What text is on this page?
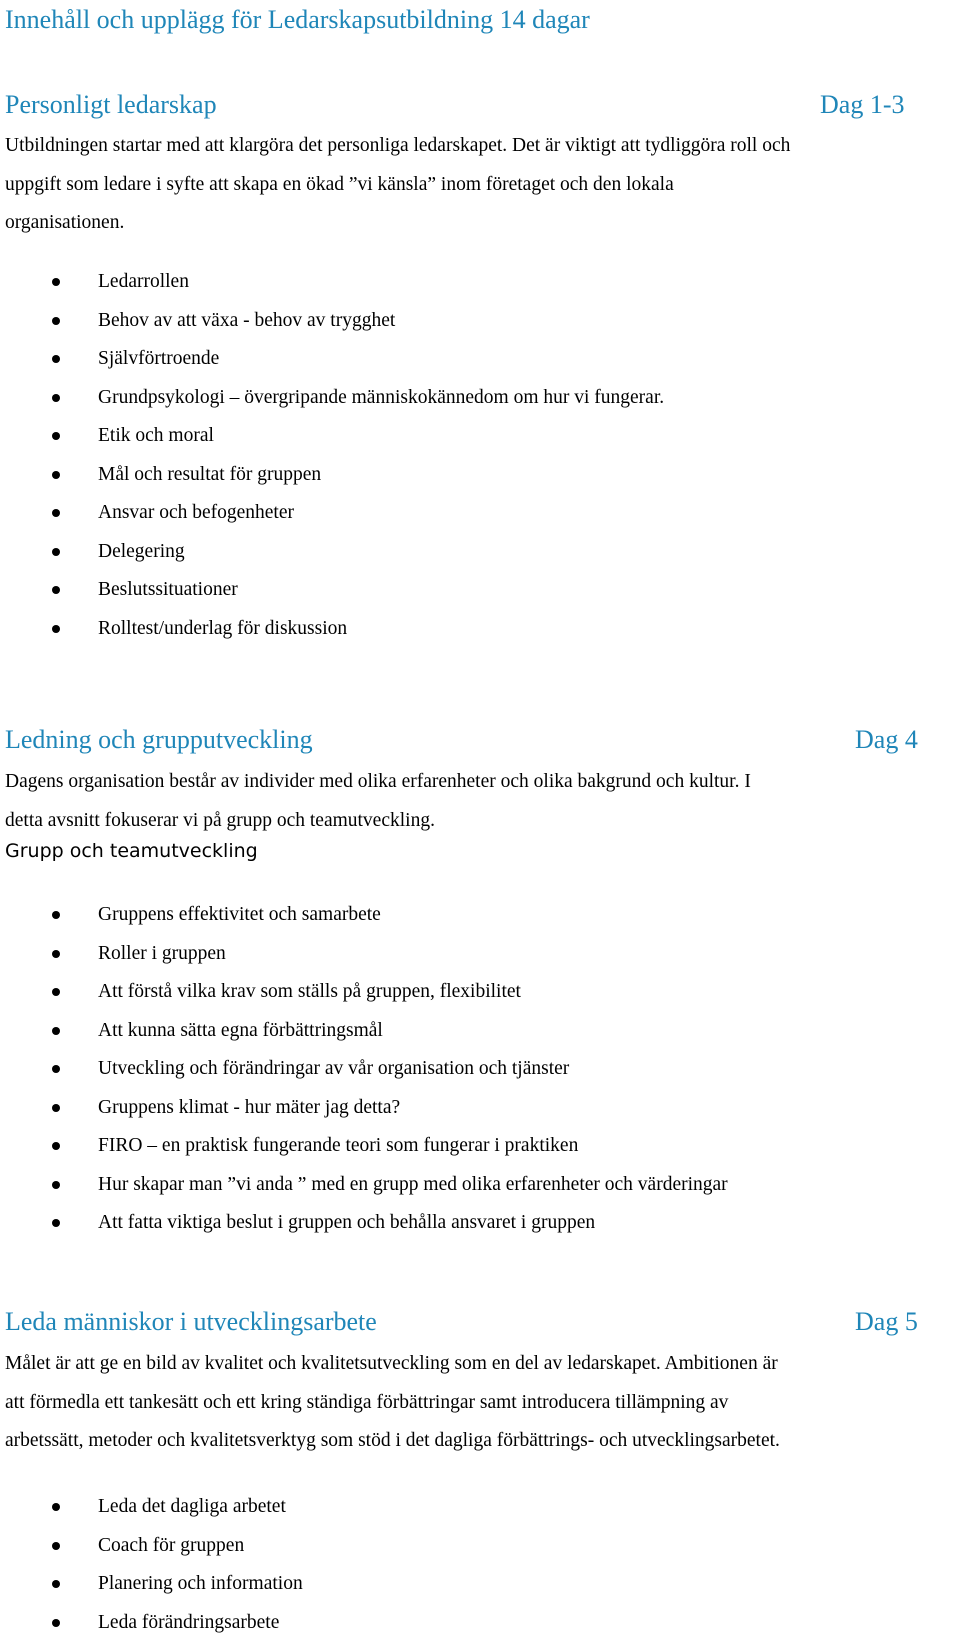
Innehåll och upplägg för Ledarskapsutbildning 14 dagar
Personligt ledarskap	Dag 1-3

Utbildningen startar med att klargöra det personliga ledarskapet. Det är viktigt att tydliggöra roll och
uppgift som ledare i syfte att skapa en ökad ”vi känsla” inom företaget och den lokala
organisationen.

Ledarrollen
Behov av att växa - behov av trygghet
Självförtroende
Grundpsykologi – övergripande människokännedom om hur vi fungerar.
Etik och moral
Mål och resultat för gruppen
Ansvar och befogenheter
Delegering
Beslutssituationer
Rolltest/underlag för diskussion
Ledning och grupputveckling	Dag 4

Dagens organisation består av individer med olika erfarenheter och olika bakgrund och kultur. I
detta avsnitt fokuserar vi på grupp och teamutveckling.

Grupp och teamutveckling
Gruppens effektivitet och samarbete
Roller i gruppen
Att förstå vilka krav som ställs på gruppen, flexibilitet
Att kunna sätta egna förbättringsmål
Utveckling och förändringar av vår organisation och tjänster
Gruppens klimat - hur mäter jag detta?
FIRO – en praktisk fungerande teori som fungerar i praktiken
Hur skapar man ”vi anda ” med en grupp med olika erfarenheter och värderingar
Att fatta viktiga beslut i gruppen och behålla ansvaret i gruppen
Leda människor i utvecklingsarbete	Dag 5

Målet är att ge en bild av kvalitet och kvalitetsutveckling som en del av ledarskapet. Ambitionen är
att förmedla ett tankesätt och ett kring ständiga förbättringar samt introducera tillämpning av
arbetssätt, metoder och kvalitetsverktyg som stöd i det dagliga förbättrings- och utvecklingsarbetet.

Leda det dagliga arbetet
Coach för gruppen
Planering och information
Leda förändringsarbete
